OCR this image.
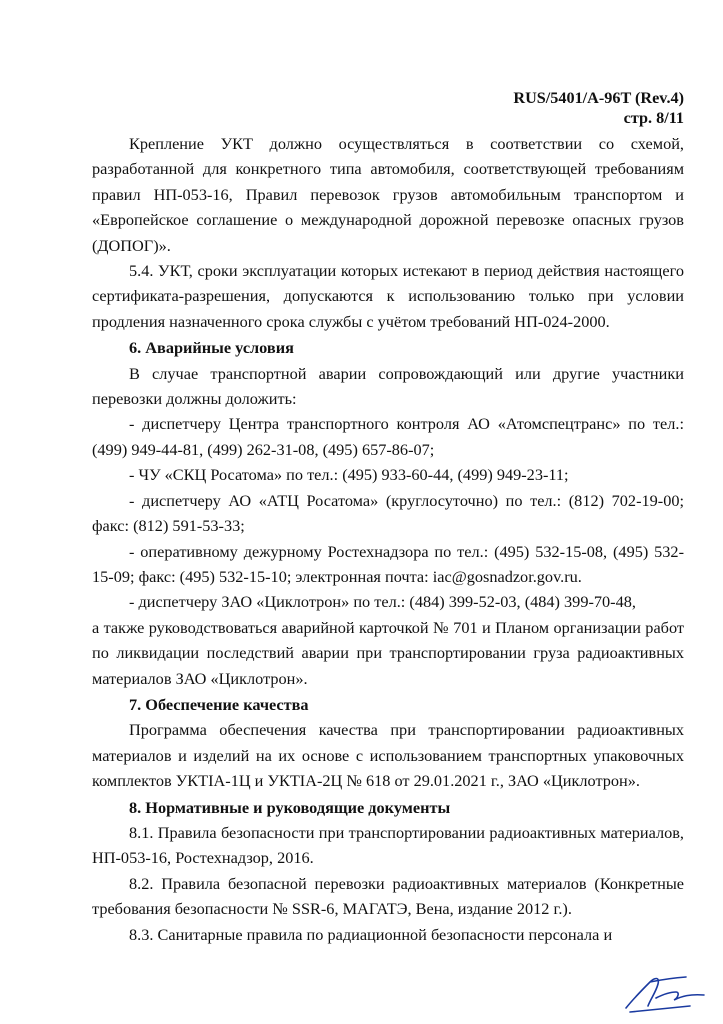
RUS/5401/A-96T (Rev.4)
стр. 8/11

Крепление УКТ должно осуществляться в соответствии со схемой, разработанной для конкретного типа автомобиля, соответствующей требованиям правил НП-053-16, Правил перевозок грузов автомобильным транспортом и «Европейское соглашение о международной дорожной перевозке опасных грузов (ДОПОГ)».

5.4. УКТ, сроки эксплуатации которых истекают в период действия настоящего сертификата-разрешения, допускаются к использованию только при условии продления назначенного срока службы с учётом требований НП-024-2000.

6. Аварийные условия

В случае транспортной аварии сопровождающий или другие участники перевозки должны доложить:

- диспетчеру Центра транспортного контроля АО «Атомспецтранс» по тел.: (499) 949-44-81, (499) 262-31-08, (495) 657-86-07;

- ЧУ «СКЦ Росатома» по тел.: (495) 933-60-44, (499) 949-23-11;

- диспетчеру АО «АТЦ Росатома» (круглосуточно) по тел.: (812) 702-19-00; факс: (812) 591-53-33;

- оперативному дежурному Ростехнадзора по тел.: (495) 532-15-08, (495) 532-15-09; факс: (495) 532-15-10; электронная почта: iac@gosnadzor.gov.ru.

- диспетчеру ЗАО «Циклотрон» по тел.: (484) 399-52-03, (484) 399-70-48,

а также руководствоваться аварийной карточкой № 701 и Планом организации работ по ликвидации последствий аварии при транспортировании груза радиоактивных материалов ЗАО «Циклотрон».

7. Обеспечение качества

Программа обеспечения качества при транспортировании радиоактивных материалов и изделий на их основе с использованием транспортных упаковочных комплектов УКТIА-1Ц и УКТIА-2Ц № 618 от 29.01.2021 г., ЗАО «Циклотрон».

8. Нормативные и руководящие документы

8.1. Правила безопасности при транспортировании радиоактивных материалов, НП-053-16, Ростехнадзор, 2016.

8.2. Правила безопасной перевозки радиоактивных материалов (Конкретные требования безопасности № SSR-6, МАГАТЭ, Вена, издание 2012 г.).

8.3. Санитарные правила по радиационной безопасности персонала и
